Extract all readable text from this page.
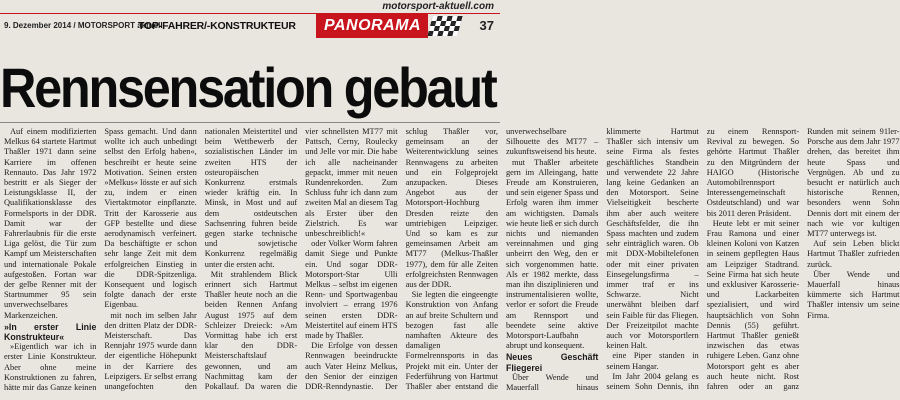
motorsport-aktuell.com
9. Dezember 2014 / MOTORSPORT aktuell
TOP-FAHRER/-KONSTRUKTEUR PANORAMA	37
Rennsensation gebaut

Auf einem modifizierten Melkus 64 startete Hartmut Thaßler 1971 dann seine Karriere im offenen Rennauto. Das Jahr 1972 bestritt er als Sieger der Leistungsklasse II, der Qualifikationsklasse des Formelsports in der DDR. Damit war der Fahrerlaubnis für die erste Liga gelöst, die Tür zum Kampf um Meisterschaften und internationale Pokale aufgestoßen. Fortan war der gelbe Renner mit der Startnummer 95 sein unverwechselbares Markenzeichen.

»In erster Linie Konstrukteur«

»Eigentlich war ich in erster Linie Konstrukteur. Aber ohne meine Konstruktionen zu fahren, hätte mir das Ganze keinen Spass gemacht. Und dann wollte ich auch unbedingt selbst den Erfolg haben«, beschreibt er heute seine Motivation. Seinen ersten »Melkus« lösste er auf sich zu, indem er einen Viertaktmotor einpflanzte. Tritt der Karosserie aus GFP bestellte und diese aerodynamisch verfeinert. Da beschäftigte er schon sehr lange Zeit mit dem erfolgreichen Einstieg in die DDR-Spitzenliga. Konsequent und logisch folgte danach der erste Eigenbau.

mit noch im selben Jahr den dritten Platz der DDR-Meisterschaft. Das Rennjahr 1975 wurde dann der eigentliche Höhepunkt in der Karriere des Leipzigers. Er selbst errang unangefochten den nationalen Meistertitel und beim Wettbewerb der sozialistischen Länder im zweiten HTS der osteuropäischen Konkurrenz erstmals wieder kräftig ein. In Minsk, in Most und auf dem ostdeutschen Sachsenring fuhren beide gegen starke technische und sowjetische Konkurrenz regelmäßig unter die ersten acht.

Mit strahlendem Blick erinnert sich Hartmut Thaßler heute noch an die beiden Rennen Anfang August 1975 auf dem Schleizer Dreieck: »Am Vormittag habe ich erst klar den DDR-Meisterschaftslauf gewonnen, und am Nachmittag kam der Pokallauf. Da waren die vier schnellsten MT77 mit Pattsch, Cerny, Roulecky und Jelle vor mir. Die habe ich alle nacheinander gepackt, immer mit neuen Rundenrekorden. Zum Schluss fuhr ich dann zum zweiten Mal an diesem Tag als Erster über den Zielstrich. Es war unbeschreiblich!«

oder Volker Worm fahren damit Siege und Punkte ein. Und sogar DDR-Motorsport-Star Ulli Melkus – selbst im eigenen Renn- und Sportwagenbau involviert – errang 1976 seinen ersten DDR-Meistertitel auf einem HTS made by Thaßler.

Die Erfolge von dessen Rennwagen beeindruckte auch Vater Heinz Melkus, den Senior der einzigen DDR-Renndynastie. Der schlug Thaßler vor, gemeinsam an der Weiterentwicklung seines Rennwagens zu arbeiten und ein Folgeprojekt anzupacken. Dieses Angebot aus der Motorsport-Hochburg Dresden reizte den umtriebigen Leipziger. Und so kam es zur gemeinsamen Arbeit am MT77 (Melkus-Thaßler 1977), dem für alle Zeiten erfolgreichsten Rennwagen aus der DDR.

Sie legten die eingeengte Konstruktion von Anfang an auf breite Schultern und bezogen fast alle namhaften Akteure des damaligen Formelrennsports in das Projekt mit ein. Unter der Federführung von Hartmut Thaßler aber entstand die unverwechselbare Silhouette des MT77 – zukunftsweisend bis heute.

mut Thaßler arbeitete gern im Alleingang, hatte Freude am Konstruieren, und sein eigener Spass und Erfolg waren ihm immer am wichtigsten. Damals wie heute ließ er sich durch nichts und niemanden vereinnahmen und ging unbeirrt den Weg, den er sich vorgenommen hatte. Als er 1982 merkte, dass man ihn disziplinieren und instrumentalisieren wollte, verlor er sofort die Freude am Rennsport und beendete seine aktive Motorsport-Laufbahn abrupt und konsequent.

Neues Geschäft Fliegerei

Über Wende und Mauerfall hinaus klimmerte Hartmut Thaßler sich intensiv um seine Firma als festes geschäftliches Standbein und verwendete 22 Jahre lang keine Gedanken an den Motorsport. Seine Vielseitigkeit bescherte ihm aber auch weitere Geschäftsfelder, die ihn Spass machten und zudem sehr einträglich waren. Ob mit DDX-Mobiltelefonen oder mit einer privaten Einsegelungsfirma – immer traf er ins Schwarze. Nicht unerwähnt bleiben darf sein Faible für das Fliegen. Der Freizeitpilot machte auch vor Motorsportlern keinen Halt.

eine Piper standen in seinem Hangar.

Im Jahr 2004 gelang es seinem Sohn Dennis, ihn zu einem Rennsport-Revival zu bewegen. So gehörte Hartmut Thaßler zu den Mitgründern der HAIGO (Historische Automobilrennsport Interessengemeinschaft Ostdeutschland) und war bis 2011 deren Präsident.

Heute lebt er mit seiner Frau Ramona und einer kleinen Koloni von Katzen in seinem gepflegten Haus am Leipziger Stadtrand. Seine Firma hat sich heute und exklusiver Karosserie- und Lackarbeiten spezialisiert, und wird hauptsächlich von Sohn Dennis (55) geführt. Hartmut Thaßler genießt inzwischen das etwas ruhigere Leben. Ganz ohne Motorsport geht es aber auch heute nicht. Rost fahren oder an ganz Runden mit seinem 91ler-Porsche aus dem Jahr 1977 drehen, das bereitet ihm heute Spass und Vergnügen. Ab und zu besucht er natürlich auch historische Rennen, besonders wenn Sohn Dennis dort mit einem der nach wie vor kultigen MT77 unterwegs ist.

Auf sein Leben blickt Hartmut Thaßler zufrieden zurück.

Über Wende und Mauerfall hinaus kümmerte sich Hartmut Thaßler intensiv um seine Firma.
